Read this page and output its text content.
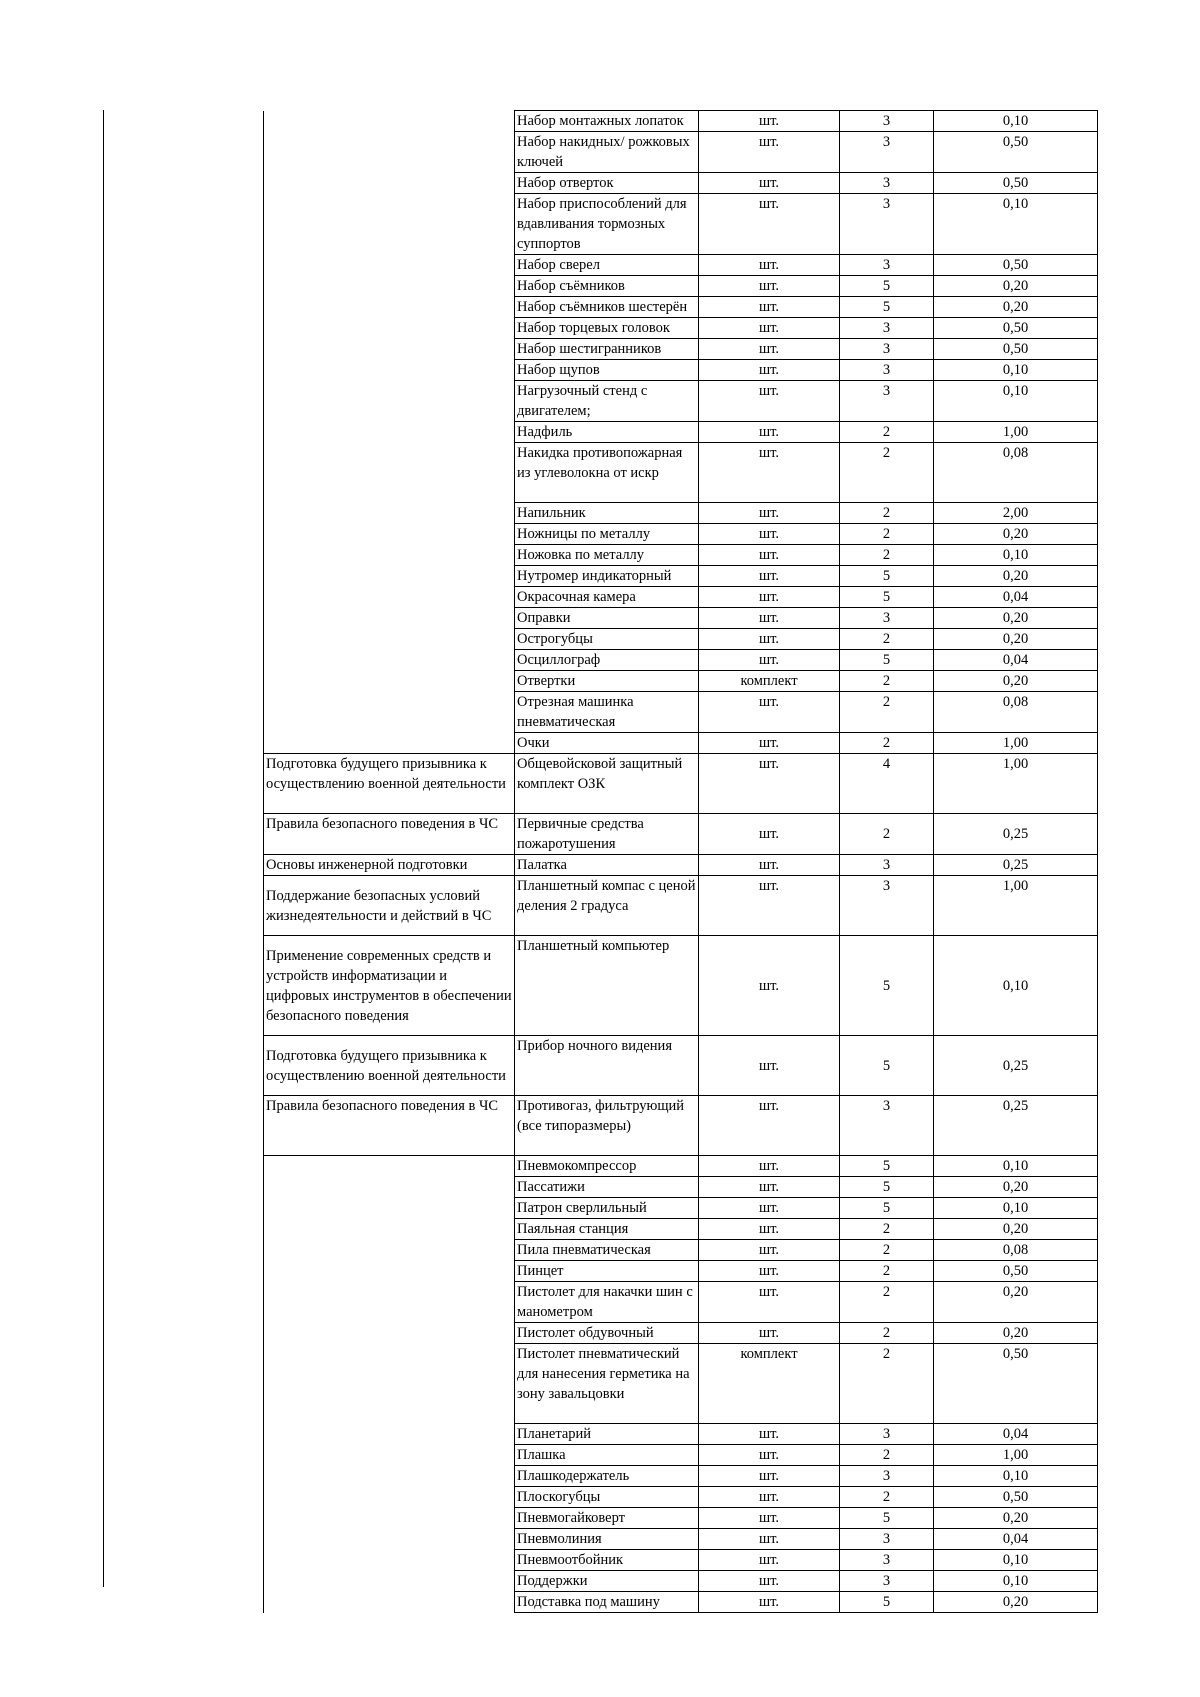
	Набор монтажных лопаток	шт.	3	0,10
	Набор накидных/ рожковых ключей	шт.	3	0,50
	Набор отверток	шт.	3	0,50
	Набор приспособлений для вдавливания тормозных суппортов	шт.	3	0,10
	Набор сверел	шт.	3	0,50
	Набор съёмников	шт.	5	0,20
	Набор съёмников шестерён	шт.	5	0,20
	Набор торцевых головок	шт.	3	0,50
	Набор шестигранников	шт.	3	0,50
	Набор щупов	шт.	3	0,10
	Нагрузочный стенд с двигателем;	шт.	3	0,10
	Надфиль	шт.	2	1,00
	Накидка противопожарная из углеволокна от искр	шт.	2	0,08
	Напильник	шт.	2	2,00
	Ножницы по металлу	шт.	2	0,20
	Ножовка по металлу	шт.	2	0,10
	Нутромер индикаторный	шт.	5	0,20
	Окрасочная камера	шт.	5	0,04
	Оправки	шт.	3	0,20
	Острогубцы	шт.	2	0,20
	Осциллограф	шт.	5	0,04
	Отвертки	комплект	2	0,20
	Отрезная машинка пневматическая	шт.	2	0,08
	Очки	шт.	2	1,00
Подготовка будущего призывника к осуществлению военной деятельности	Общевойсковой защитный комплект ОЗК	шт.	4	1,00
Правила безопасного поведения в ЧС	Первичные средства пожаротушения	шт.	2	0,25
Основы инженерной подготовки	Палатка	шт.	3	0,25
Поддержание безопасных условий жизнедеятельности и действий в ЧС	Планшетный компас с ценой деления 2 градуса	шт.	3	1,00
Применение современных средств и устройств информатизации и цифровых инструментов в обеспечении безопасного поведения	Планшетный компьютер	шт.	5	0,10
Подготовка будущего призывника к осуществлению военной деятельности	Прибор ночного видения	шт.	5	0,25
Правила безопасного поведения в ЧС	Противогаз, фильтрующий (все типоразмеры)	шт.	3	0,25
	Пневмокомпрессор	шт.	5	0,10
	Пассатижи	шт.	5	0,20
	Патрон сверлильный	шт.	5	0,10
	Паяльная станция	шт.	2	0,20
	Пила пневматическая	шт.	2	0,08
	Пинцет	шт.	2	0,50
	Пистолет для накачки шин с манометром	шт.	2	0,20
	Пистолет обдувочный	шт.	2	0,20
	Пистолет пневматический для нанесения герметика на зону завальцовки	комплект	2	0,50
	Планетарий	шт.	3	0,04
	Плашка	шт.	2	1,00
	Плашкодержатель	шт.	3	0,10
	Плоскогубцы	шт.	2	0,50
	Пневмогайковерт	шт.	5	0,20
	Пневмолиния	шт.	3	0,04
	Пневмоотбойник	шт.	3	0,10
	Поддержки	шт.	3	0,10
	Подставка под машину	шт.	5	0,20
